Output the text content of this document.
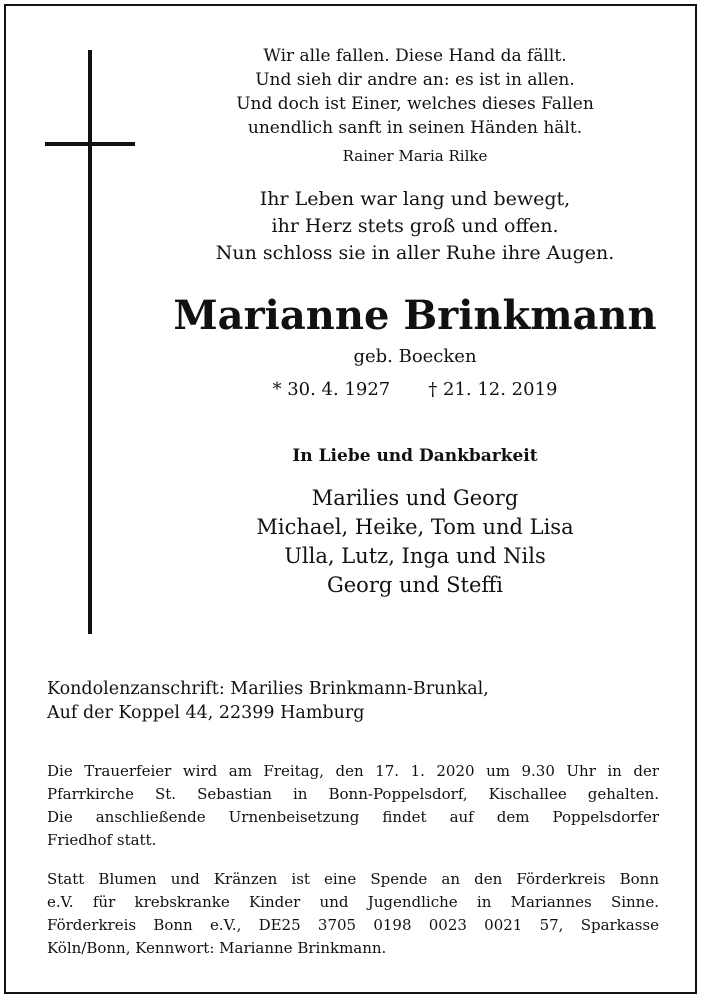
Wir alle fallen. Diese Hand da fällt.
Und sieh dir andre an: es ist in allen.
Und doch ist Einer, welches dieses Fallen
unendlich sanft in seinen Händen hält.
Rainer Maria Rilke
Ihr Leben war lang und bewegt,
ihr Herz stets groß und offen.
Nun schloss sie in aller Ruhe ihre Augen.
Marianne Brinkmann
geb. Boecken
* 30. 4. 1927 † 21. 12. 2019
In Liebe und Dankbarkeit
Marilies und Georg
Michael, Heike, Tom und Lisa
Ulla, Lutz, Inga und Nils
Georg und Steffi
Kondolenzanschrift: Marilies Brinkmann-Brunkal,
Auf der Koppel 44, 22399 Hamburg
Die Trauerfeier wird am Freitag, den 17. 1. 2020 um 9.30 Uhr in der
Pfarrkirche St. Sebastian in Bonn-Poppelsdorf, Kischallee gehalten.
Die anschließende Urnenbeisetzung findet auf dem Poppelsdorfer
Friedhof statt.
Statt Blumen und Kränzen ist eine Spende an den Förderkreis Bonn
e.V. für krebskranke Kinder und Jugendliche in Mariannes Sinne.
Förderkreis Bonn e.V., DE25 3705 0198 0023 0021 57, Sparkasse
Köln/Bonn, Kennwort: Marianne Brinkmann.
